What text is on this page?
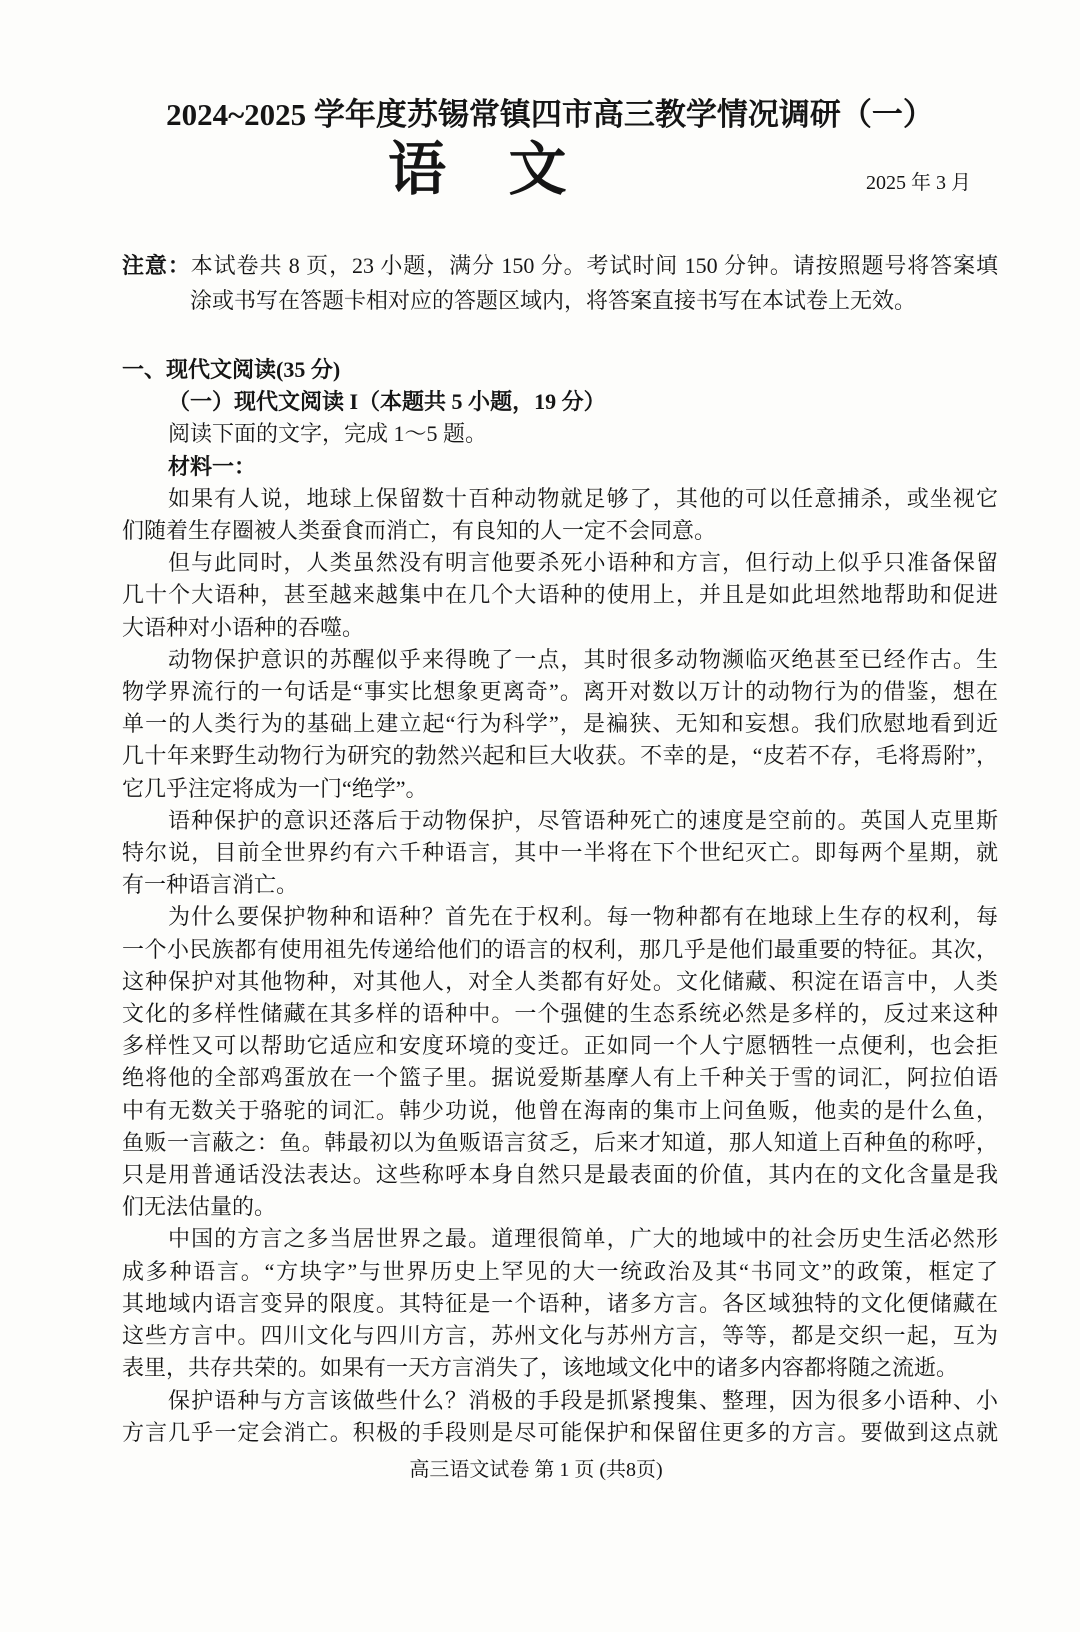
2024~2025 学年度苏锡常镇四市高三教学情况调研（一）
语 文	2025 年 3 月
注意：本试卷共 8 页，23 小题，满分 150 分。考试时间 150 分钟。请按照题号将答案填
涂或书写在答题卡相对应的答题区域内，将答案直接书写在本试卷上无效。
一、现代文阅读(35 分)
（一）现代文阅读 I（本题共 5 小题，19 分）
阅读下面的文字，完成 1～5 题。
材料一：
如果有人说，地球上保留数十百种动物就足够了，其他的可以任意捕杀，或坐视它
们随着生存圈被人类蚕食而消亡，有良知的人一定不会同意。
但与此同时，人类虽然没有明言他要杀死小语种和方言，但行动上似乎只准备保留
几十个大语种，甚至越来越集中在几个大语种的使用上，并且是如此坦然地帮助和促进
大语种对小语种的吞噬。
动物保护意识的苏醒似乎来得晚了一点，其时很多动物濒临灭绝甚至已经作古。生
物学界流行的一句话是“事实比想象更离奇”。离开对数以万计的动物行为的借鉴，想在
单一的人类行为的基础上建立起“行为科学”，是褊狭、无知和妄想。我们欣慰地看到近
几十年来野生动物行为研究的勃然兴起和巨大收获。不幸的是，“皮若不存，毛将焉附”，
它几乎注定将成为一门“绝学”。
语种保护的意识还落后于动物保护，尽管语种死亡的速度是空前的。英国人克里斯
特尔说，目前全世界约有六千种语言，其中一半将在下个世纪灭亡。即每两个星期，就
有一种语言消亡。
为什么要保护物种和语种？首先在于权利。每一物种都有在地球上生存的权利，每
一个小民族都有使用祖先传递给他们的语言的权利，那几乎是他们最重要的特征。其次，
这种保护对其他物种，对其他人，对全人类都有好处。文化储藏、积淀在语言中，人类
文化的多样性储藏在其多样的语种中。一个强健的生态系统必然是多样的，反过来这种
多样性又可以帮助它适应和安度环境的变迁。正如同一个人宁愿牺牲一点便利，也会拒
绝将他的全部鸡蛋放在一个篮子里。据说爱斯基摩人有上千种关于雪的词汇，阿拉伯语
中有无数关于骆驼的词汇。韩少功说，他曾在海南的集市上问鱼贩，他卖的是什么鱼，
鱼贩一言蔽之：鱼。韩最初以为鱼贩语言贫乏，后来才知道，那人知道上百种鱼的称呼，
只是用普通话没法表达。这些称呼本身自然只是最表面的价值，其内在的文化含量是我
们无法估量的。
中国的方言之多当居世界之最。道理很简单，广大的地域中的社会历史生活必然形
成多种语言。“方块字”与世界历史上罕见的大一统政治及其“书同文”的政策，框定了
其地域内语言变异的限度。其特征是一个语种，诸多方言。各区域独特的文化便储藏在
这些方言中。四川文化与四川方言，苏州文化与苏州方言，等等，都是交织一起，互为
表里，共存共荣的。如果有一天方言消失了，该地域文化中的诸多内容都将随之流逝。
保护语种与方言该做些什么？消极的手段是抓紧搜集、整理，因为很多小语种、小
方言几乎一定会消亡。积极的手段则是尽可能保护和保留住更多的方言。要做到这点就
高三语文试卷 第 1 页 (共8页)
